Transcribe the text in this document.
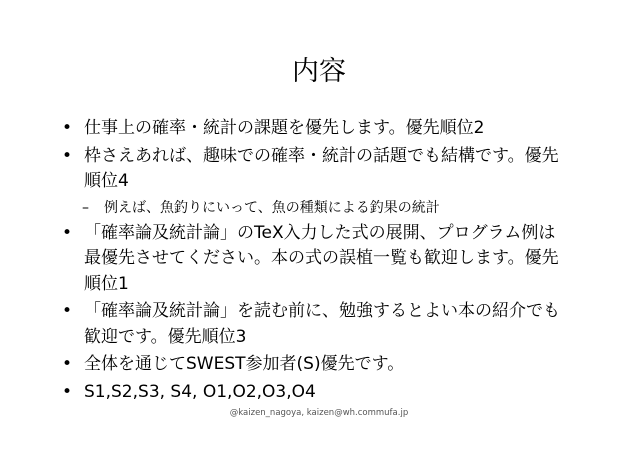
内容
• 仕事上の確率・統計の課題を優先します。優先順位2
• 枠さえあれば、趣味での確率・統計の話題でも結構です。優先順位4
– 例えば、魚釣りにいって、魚の種類による釣果の統計
• 「確率論及統計論」のTeX入力した式の展開、プログラム例は最優先させてください。本の式の誤植一覧も歓迎します。優先順位1
• 「確率論及統計論」を読む前に、勉強するとよい本の紹介でも歓迎です。優先順位3
• 全体を通じてSWEST参加者(S)優先です。
• S1,S2,S3, S4, O1,O2,O3,O4
@kaizen_nagoya, kaizen@wh.commufa.jp
